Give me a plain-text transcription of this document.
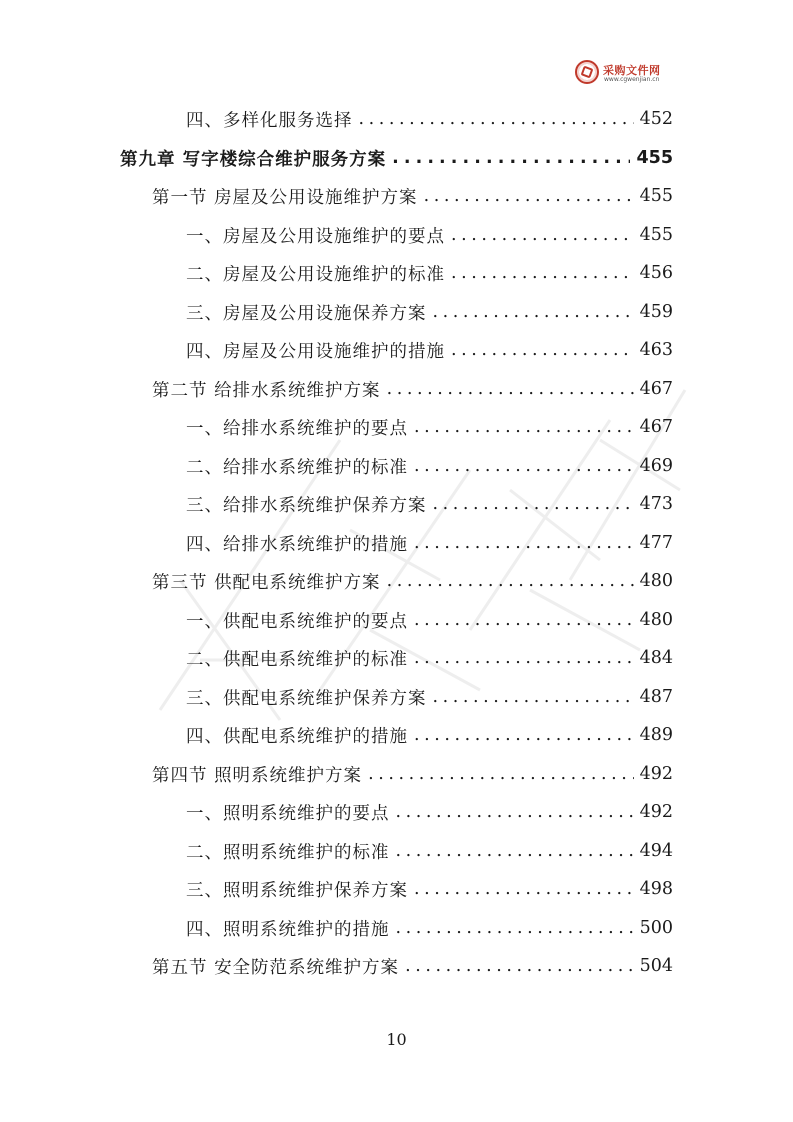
采购文件网
www.cgwenjian.cn
四、多样化服务选择 . . .	452
第九章 写字楼综合维护服务方案 . . .	455
第一节 房屋及公用设施维护方案 . . .	455
一、房屋及公用设施维护的要点 . . .	455
二、房屋及公用设施维护的标准 . . .	456
三、房屋及公用设施保养方案 . . .	459
四、房屋及公用设施维护的措施 . . .	463
第二节 给排水系统维护方案 . . .	467
一、给排水系统维护的要点 . . .	467
二、给排水系统维护的标准 . . .	469
三、给排水系统维护保养方案 . . .	473
四、给排水系统维护的措施 . . .	477
第三节 供配电系统维护方案 . . .	480
一、供配电系统维护的要点 . . .	480
二、供配电系统维护的标准 . . .	484
三、供配电系统维护保养方案 . . .	487
四、供配电系统维护的措施 . . .	489
第四节 照明系统维护方案 . . .	492
一、照明系统维护的要点 . . .	492
二、照明系统维护的标准 . . .	494
三、照明系统维护保养方案 . . .	498
四、照明系统维护的措施 . . .	500
第五节 安全防范系统维护方案 . . .	504
10
